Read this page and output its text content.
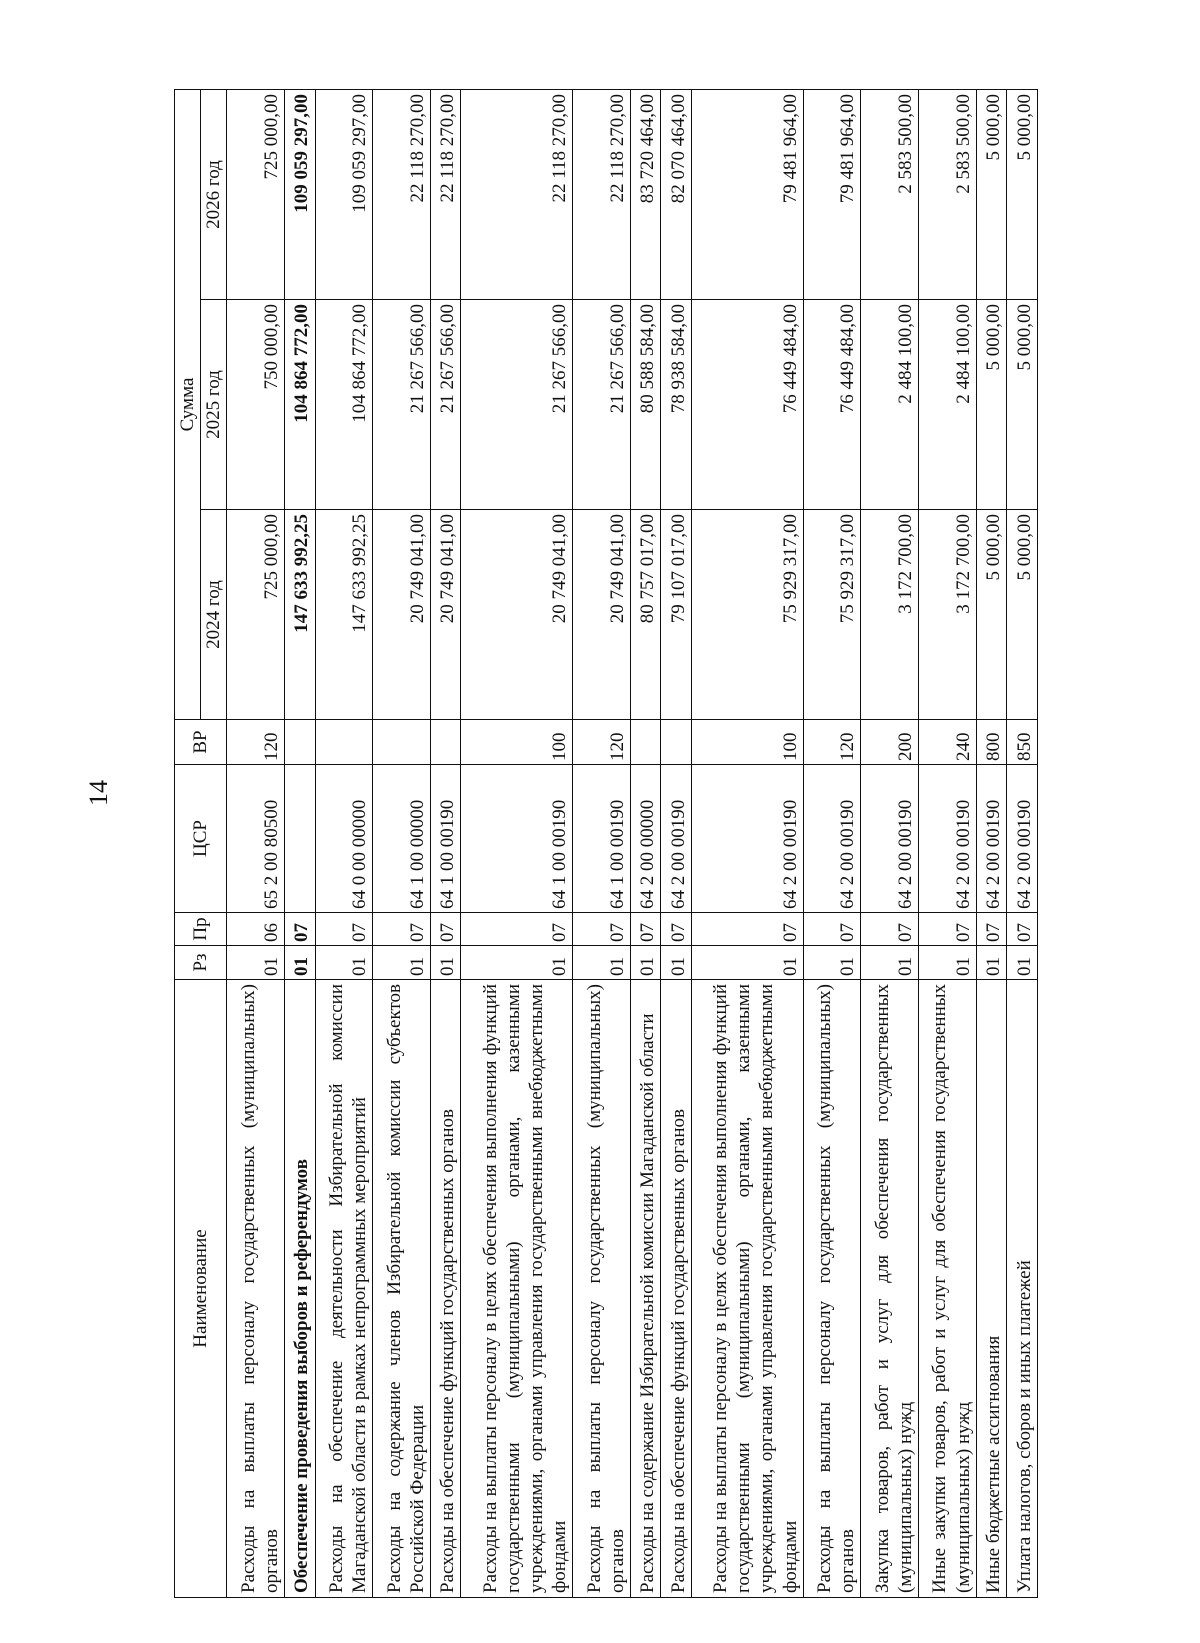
14
Наименование	Рз	Пр	ЦСР	ВР	Сумма		
					2024 год	2025 год	2026 год
Расходы на выплаты персоналу государственных (муниципальных) органов	01	06	65 2 00 80500	120	725 000,00	750 000,00	725 000,00
Обеспечение проведения выборов и референдумов	01	07			147 633 992,25	104 864 772,00	109 059 297,00
Расходы на обеспечение деятельности Избирательной комиссии Магаданской области в рамках непрограммных мероприятий	01	07	64 0 00 00000		147 633 992,25	104 864 772,00	109 059 297,00
Расходы на содержание членов Избирательной комиссии субъектов Российской Федерации	01	07	64 1 00 00000		20 749 041,00	21 267 566,00	22 118 270,00
Расходы на обеспечение функций государственных органов	01	07	64 1 00 00190		20 749 041,00	21 267 566,00	22 118 270,00
Расходы на выплаты персоналу в целях обеспечения выполнения функций государственными (муниципальными) органами, казенными учреждениями, органами управления государственными внебюджетными фондами	01	07	64 1 00 00190	100	20 749 041,00	21 267 566,00	22 118 270,00
Расходы на выплаты персоналу государственных (муниципальных) органов	01	07	64 1 00 00190	120	20 749 041,00	21 267 566,00	22 118 270,00
Расходы на содержание Избирательной комиссии Магаданской области	01	07	64 2 00 00000		80 757 017,00	80 588 584,00	83 720 464,00
Расходы на обеспечение функций государственных органов	01	07	64 2 00 00190		79 107 017,00	78 938 584,00	82 070 464,00
Расходы на выплаты персоналу в целях обеспечения выполнения функций государственными (муниципальными) органами, казенными учреждениями, органами управления государственными внебюджетными фондами	01	07	64 2 00 00190	100	75 929 317,00	76 449 484,00	79 481 964,00
Расходы на выплаты персоналу государственных (муниципальных) органов	01	07	64 2 00 00190	120	75 929 317,00	76 449 484,00	79 481 964,00
Закупка товаров, работ и услуг для обеспечения государственных (муниципальных) нужд	01	07	64 2 00 00190	200	3 172 700,00	2 484 100,00	2 583 500,00
Иные закупки товаров, работ и услуг для обеспечения государственных (муниципальных) нужд	01	07	64 2 00 00190	240	3 172 700,00	2 484 100,00	2 583 500,00
Иные бюджетные ассигнования	01	07	64 2 00 00190	800	5 000,00	5 000,00	5 000,00
Уплата налогов, сборов и иных платежей	01	07	64 2 00 00190	850	5 000,00	5 000,00	5 000,00
